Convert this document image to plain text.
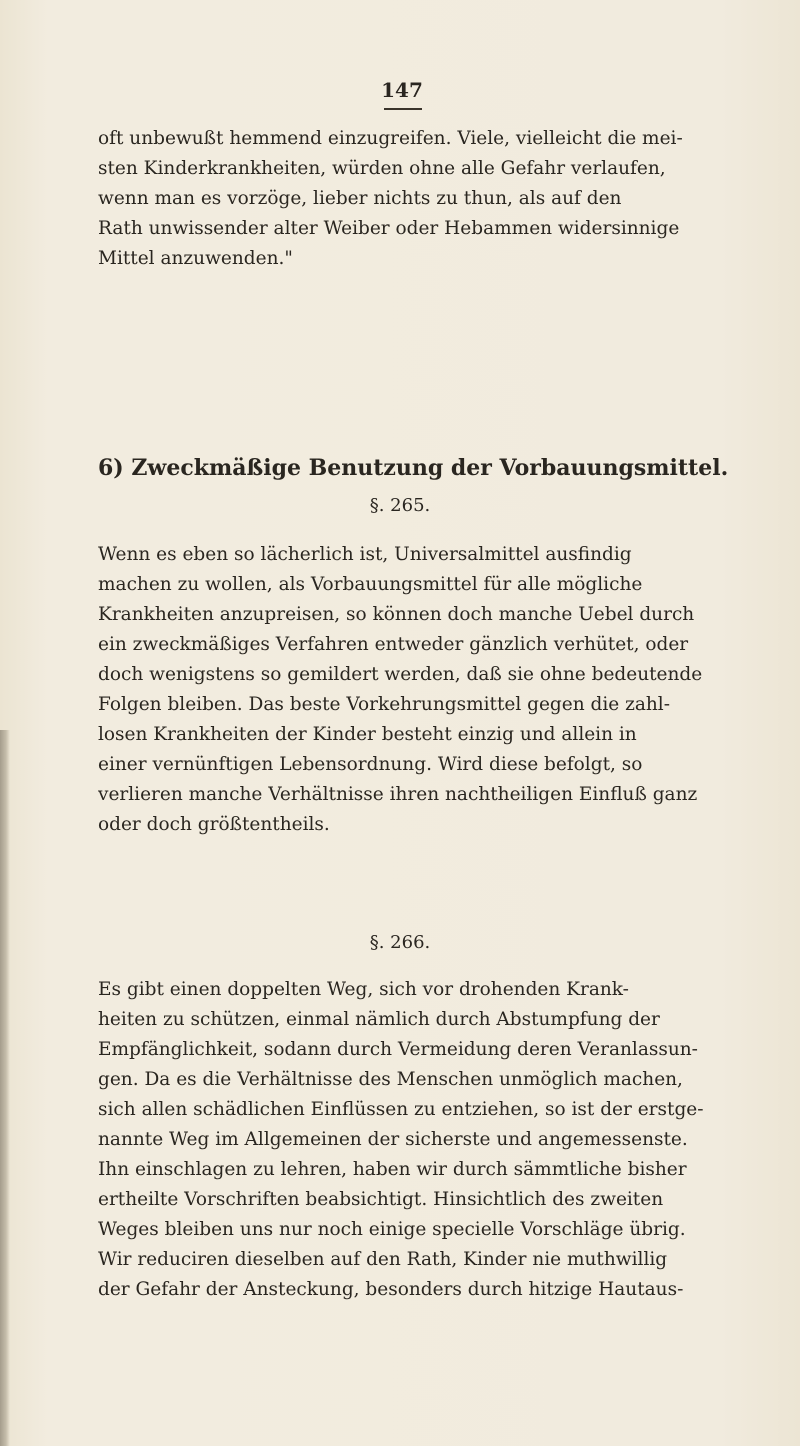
147
oft unbewußt hemmend einzugreifen. Viele, vielleicht die mei-
sten Kinderkrankheiten, würden ohne alle Gefahr verlaufen,
wenn man es vorzöge, lieber nichts zu thun, als auf den
Rath unwissender alter Weiber oder Hebammen widersinnige
Mittel anzuwenden."
6) Zweckmäßige Benutzung der Vorbauungsmittel.
§. 265.
Wenn es eben so lächerlich ist, Universalmittel ausfindig
machen zu wollen, als Vorbauungsmittel für alle mögliche
Krankheiten anzupreisen, so können doch manche Uebel durch
ein zweckmäßiges Verfahren entweder gänzlich verhütet, oder
doch wenigstens so gemildert werden, daß sie ohne bedeutende
Folgen bleiben. Das beste Vorkehrungsmittel gegen die zahl-
losen Krankheiten der Kinder besteht einzig und allein in
einer vernünftigen Lebensordnung. Wird diese befolgt, so
verlieren manche Verhältnisse ihren nachtheiligen Einfluß ganz
oder doch größtentheils.
§. 266.
Es gibt einen doppelten Weg, sich vor drohenden Krank-
heiten zu schützen, einmal nämlich durch Abstumpfung der
Empfänglichkeit, sodann durch Vermeidung deren Veranlassun-
gen. Da es die Verhältnisse des Menschen unmöglich machen,
sich allen schädlichen Einflüssen zu entziehen, so ist der erstge-
nannte Weg im Allgemeinen der sicherste und angemessenste.
Ihn einschlagen zu lehren, haben wir durch sämmtliche bisher
ertheilte Vorschriften beabsichtigt. Hinsichtlich des zweiten
Weges bleiben uns nur noch einige specielle Vorschläge übrig.
Wir reduciren dieselben auf den Rath, Kinder nie muthwillig
der Gefahr der Ansteckung, besonders durch hitzige Hautaus-
